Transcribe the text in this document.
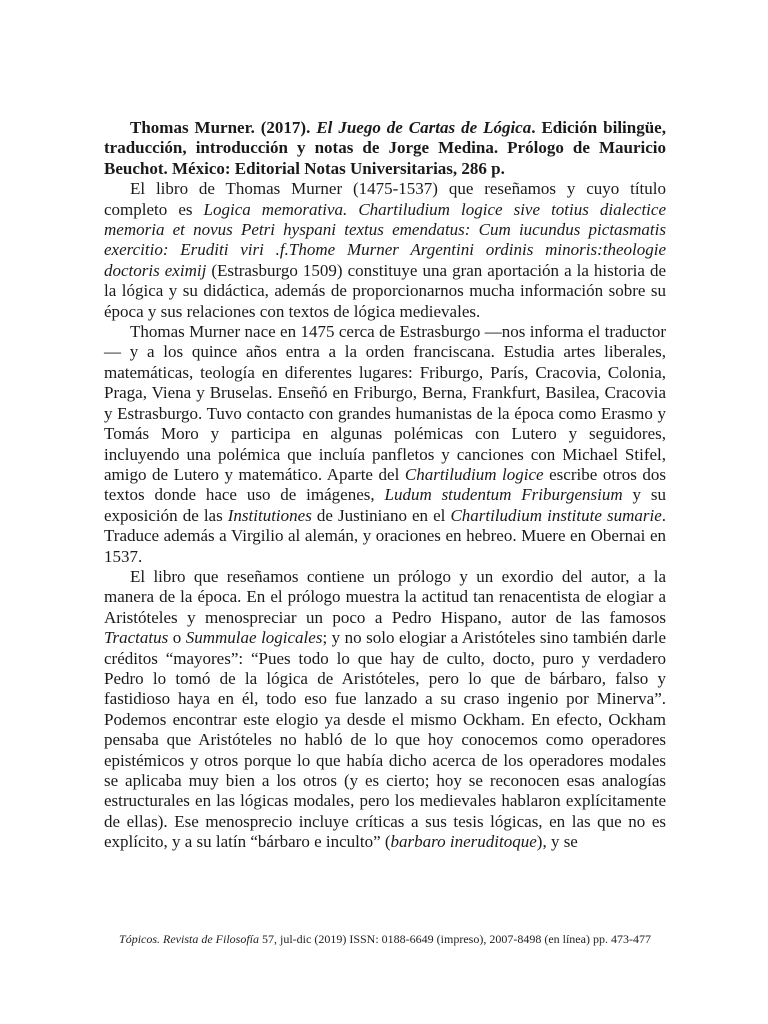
Thomas Murner. (2017). El Juego de Cartas de Lógica. Edición bilingüe, traducción, introducción y notas de Jorge Medina. Prólogo de Mauricio Beuchot. México: Editorial Notas Universitarias, 286 p.

El libro de Thomas Murner (1475-1537) que reseñamos y cuyo título completo es Logica memorativa. Chartiludium logice sive totius dialectice memoria et novus Petri hyspani textus emendatus: Cum iucundus pictasmatis exercitio: Eruditi viri .f.Thome Murner Argentini ordinis minoris:theologie doctoris eximij (Estrasburgo 1509) constituye una gran aportación a la historia de la lógica y su didáctica, además de proporcionarnos mucha información sobre su época y sus relaciones con textos de lógica medievales.

Thomas Murner nace en 1475 cerca de Estrasburgo —nos informa el traductor— y a los quince años entra a la orden franciscana. Estudia artes liberales, matemáticas, teología en diferentes lugares: Friburgo, París, Cracovia, Colonia, Praga, Viena y Bruselas. Enseñó en Friburgo, Berna, Frankfurt, Basilea, Cracovia y Estrasburgo. Tuvo contacto con grandes humanistas de la época como Erasmo y Tomás Moro y participa en algunas polémicas con Lutero y seguidores, incluyendo una polémica que incluía panfletos y canciones con Michael Stifel, amigo de Lutero y matemático. Aparte del Chartiludium logice escribe otros dos textos donde hace uso de imágenes, Ludum studentum Friburgensium y su exposición de las Institutiones de Justiniano en el Chartiludium institute sumarie. Traduce además a Virgilio al alemán, y oraciones en hebreo. Muere en Obernai en 1537.

El libro que reseñamos contiene un prólogo y un exordio del autor, a la manera de la época. En el prólogo muestra la actitud tan renacentista de elogiar a Aristóteles y menospreciar un poco a Pedro Hispano, autor de las famosos Tractatus o Summulae logicales; y no solo elogiar a Aristóteles sino también darle créditos “mayores”: “Pues todo lo que hay de culto, docto, puro y verdadero Pedro lo tomó de la lógica de Aristóteles, pero lo que de bárbaro, falso y fastidioso haya en él, todo eso fue lanzado a su craso ingenio por Minerva”. Podemos encontrar este elogio ya desde el mismo Ockham. En efecto, Ockham pensaba que Aristóteles no habló de lo que hoy conocemos como operadores epistémicos y otros porque lo que había dicho acerca de los operadores modales se aplicaba muy bien a los otros (y es cierto; hoy se reconocen esas analogías estructurales en las lógicas modales, pero los medievales hablaron explícitamente de ellas). Ese menosprecio incluye críticas a sus tesis lógicas, en las que no es explícito, y a su latín “bárbaro e inculto” (barbaro ineruditoque), y se

Tópicos. Revista de Filosofía 57, jul-dic (2019) ISSN: 0188-6649 (impreso), 2007-8498 (en línea) pp. 473-477
